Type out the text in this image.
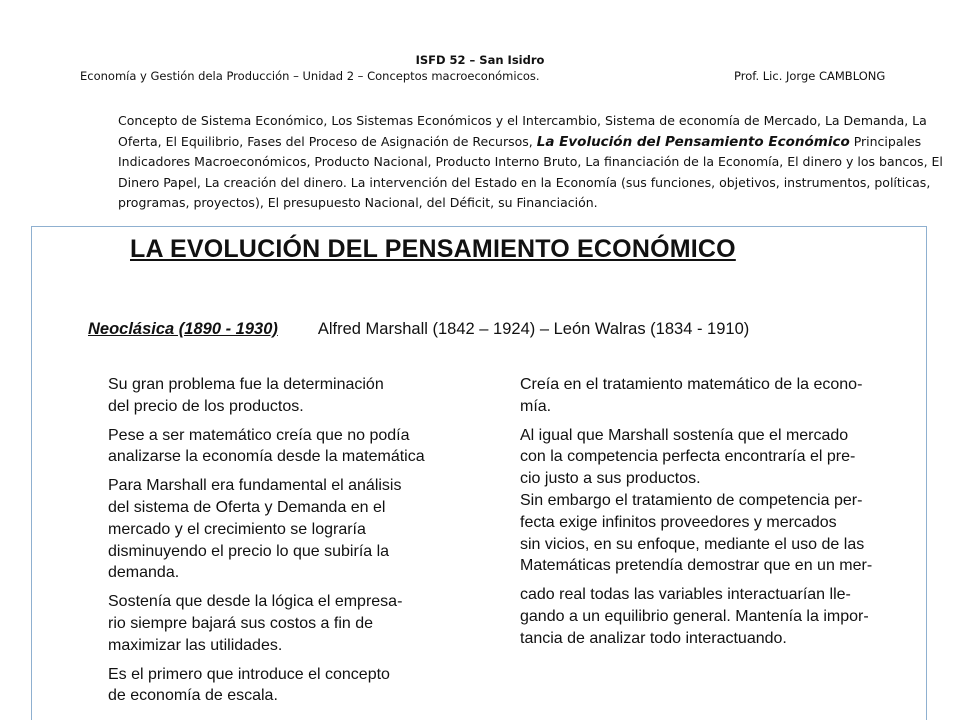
ISFD 52 – San Isidro
Economía y Gestión dela Producción – Unidad 2 – Conceptos macroeconómicos.	Prof. Lic. Jorge CAMBLONG
Concepto de Sistema Económico, Los Sistemas Económicos y el Intercambio, Sistema de economía de Mercado, La Demanda, La Oferta, El Equilibrio, Fases del Proceso de Asignación de Recursos, La Evolución del Pensamiento Económico Principales Indicadores Macroeconómicos, Producto Nacional, Producto Interno Bruto, La financiación de la Economía, El dinero y los bancos, El Dinero Papel, La creación del dinero. La intervención del Estado en la Economía (sus funciones, objetivos, instrumentos, políticas, programas, proyectos), El presupuesto Nacional, del Déficit, su Financiación.
LA EVOLUCIÓN DEL PENSAMIENTO ECONÓMICO
Neoclásica (1890 - 1930) Alfred Marshall (1842 – 1924) – León Walras (1834 - 1910)

Su gran problema fue la determinación
del precio de los productos.

Pese a ser matemático creía que no podía
analizarse la economía desde la matemática

Para Marshall era fundamental el análisis
del sistema de Oferta y Demanda en el
mercado y el crecimiento se lograría
disminuyendo el precio lo que subiría la
demanda.

Sostenía que desde la lógica el empresa-
rio siempre bajará sus costos a fin de
maximizar las utilidades.

Es el primero que introduce el concepto
de economía de escala.

Creía en el tratamiento matemático de la econo-
mía.

Al igual que Marshall sostenía que el mercado
con la competencia perfecta encontraría el pre-
cio justo a sus productos.
Sin embargo el tratamiento de competencia per-
fecta exige infinitos proveedores y mercados
sin vicios, en su enfoque, mediante el uso de las
Matemáticas pretendía demostrar que en un mer-

cado real todas las variables interactuarían lle-
gando a un equilibrio general. Mantenía la impor-
tancia de analizar todo interactuando.
